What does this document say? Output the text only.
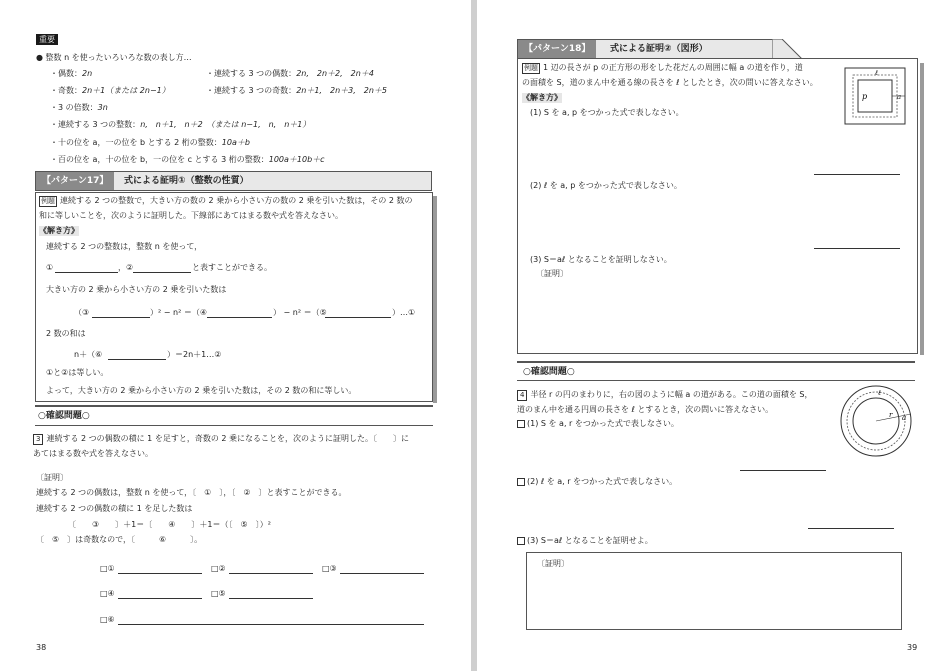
重要
● 整数 n を使ったいろいろな数の表し方…
・偶数：2n	・連続する 3 つの偶数：2n,　2n＋2,　2n＋4
・奇数：2n＋1（または 2n−1）	・連続する 3 つの奇数：2n＋1,　2n＋3,　2n＋5
・3 の倍数：3n
・連続する 3 つの整数：n,　n＋1,　n＋2　（または n−1,　n,　n＋1）
・十の位を a，一の位を b とする 2 桁の整数：10a＋b
・百の位を a，十の位を b，一の位を c とする 3 桁の整数：100a＋10b＋c
【パターン17】	式による証明①（整数の性質）
例題 連続する 2 つの整数で，大きい方の数の 2 乗から小さい方の数の 2 乗を引いた数は，その 2 数の
和に等しいことを，次のように証明した。下線部にあてはまる数や式を答えなさい。
《解き方》
連続する 2 つの整数は，整数 n を使って，
①	，②	と表すことができる。
大きい方の 2 乗から小さい方の 2 乗を引いた数は
（③	）² − n² ＝（④	） − n² ＝（⑤	）…①
2 数の和は
n＋（⑥	）＝2n＋1…②
①と②は等しい。
よって，大きい方の 2 乗から小さい方の 2 乗を引いた数は，その 2 数の和に等しい。
○確認問題○
3 連続する 2 つの偶数の積に 1 を足すと，奇数の 2 乗になることを，次のように証明した。〔　　〕に
あてはまる数や式を答えなさい。
〔証明〕
連続する 2 つの偶数は，整数 n を使って，〔　①　〕，〔　②　〕と表すことができる。
連続する 2 つの偶数の積に 1 を足した数は
〔　　③　　〕＋1＝〔　　④　　〕＋1＝（〔　⑤　〕）²
〔　⑤　〕は奇数なので，〔　　　⑥　　　〕。
□①	□②	□③
□④	□⑤
□⑥
38
【パターン18】	式による証明②（図形）
例題 1 辺の長さが p の正方形の形をした花だんの周囲に幅 a の道を作り，道
の面積を S，道のまん中を通る線の長さを ℓ としたとき，次の問いに答えなさい。
《解き方》
(1) S を a, p をつかった式で表しなさい。
(2) ℓ を a, p をつかった式で表しなさい。
(3) S＝aℓ となることを証明しなさい。
〔証明〕
ℓ
p	a
○確認問題○
4 半径 r の円のまわりに，右の図のように幅 a の道がある。この道の面積を S，
道のまん中を通る円周の長さを ℓ とするとき，次の問いに答えなさい。
(1) S を a, r をつかった式で表しなさい。
(2) ℓ を a, r をつかった式で表しなさい。
(3) S＝aℓ となることを証明せよ。
〔証明〕
ℓ
r a
39
